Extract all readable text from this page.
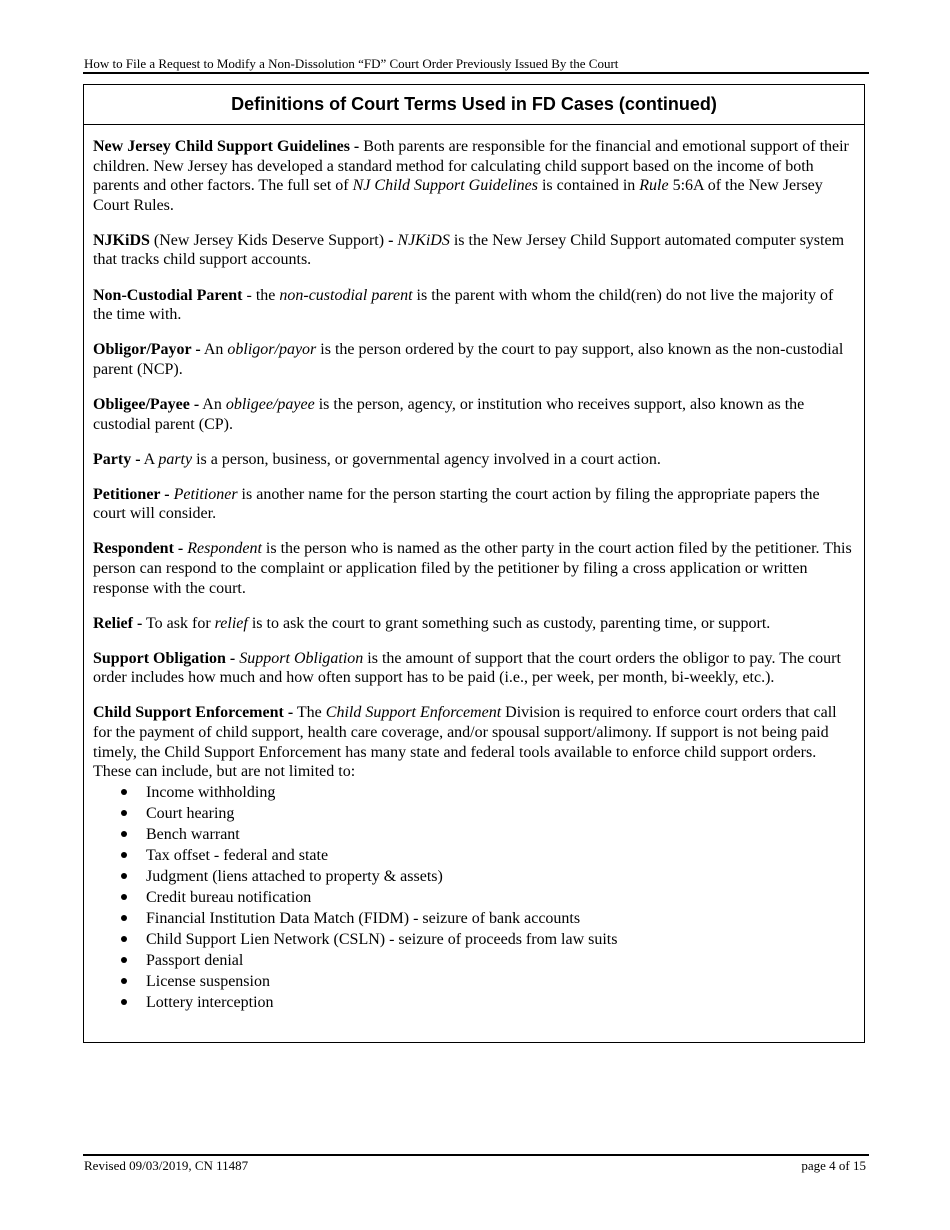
How to File a Request to Modify a Non-Dissolution “FD” Court Order Previously Issued By the Court
Definitions of Court Terms Used in FD Cases (continued)

New Jersey Child Support Guidelines - Both parents are responsible for the financial and emotional support of their children. New Jersey has developed a standard method for calculating child support based on the income of both parents and other factors. The full set of NJ Child Support Guidelines is contained in Rule 5:6A of the New Jersey Court Rules.

NJKiDS (New Jersey Kids Deserve Support) - NJKiDS is the New Jersey Child Support automated computer system that tracks child support accounts.

Non-Custodial Parent - the non-custodial parent is the parent with whom the child(ren) do not live the majority of the time with.

Obligor/Payor - An obligor/payor is the person ordered by the court to pay support, also known as the non-custodial parent (NCP).

Obligee/Payee - An obligee/payee is the person, agency, or institution who receives support, also known as the custodial parent (CP).

Party - A party is a person, business, or governmental agency involved in a court action.

Petitioner - Petitioner is another name for the person starting the court action by filing the appropriate papers the court will consider.

Respondent - Respondent is the person who is named as the other party in the court action filed by the petitioner. This person can respond to the complaint or application filed by the petitioner by filing a cross application or written response with the court.

Relief - To ask for relief is to ask the court to grant something such as custody, parenting time, or support.

Support Obligation - Support Obligation is the amount of support that the court orders the obligor to pay. The court order includes how much and how often support has to be paid (i.e., per week, per month, bi-weekly, etc.).

Child Support Enforcement - The Child Support Enforcement Division is required to enforce court orders that call for the payment of child support, health care coverage, and/or spousal support/alimony. If support is not being paid timely, the Child Support Enforcement has many state and federal tools available to enforce child support orders. These can include, but are not limited to:

Income withholding
Court hearing
Bench warrant
Tax offset - federal and state
Judgment (liens attached to property & assets)
Credit bureau notification
Financial Institution Data Match (FIDM) - seizure of bank accounts
Child Support Lien Network (CSLN) - seizure of proceeds from law suits
Passport denial
License suspension
Lottery interception
Revised 09/03/2019, CN 11487	page 4 of 15
